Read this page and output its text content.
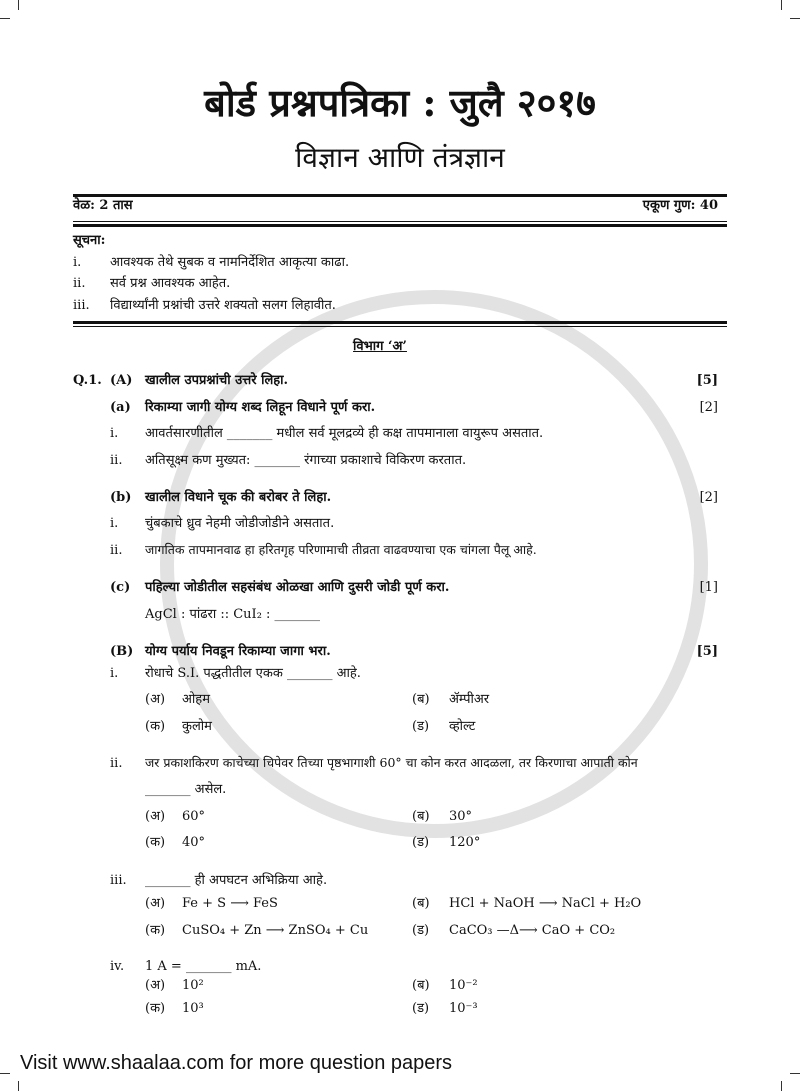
बोर्ड प्रश्नपत्रिका : जुलै २०१७
विज्ञान आणि तंत्रज्ञान
वेळ: 2 तास	एकूण गुण: 40
सूचना:
i. आवश्यक तेथे सुबक व नामनिर्देशित आकृत्या काढा.
ii. सर्व प्रश्न आवश्यक आहेत.
iii. विद्यार्थ्यांनी प्रश्नांची उत्तरे शक्यतो सलग लिहावीत.
विभाग ‘अ’
Q.1. (A) खालील उपप्रश्नांची उत्तरे लिहा.	[5]
(a) रिकाम्या जागी योग्य शब्द लिहून विधाने पूर्ण करा.	[2]
i. आवर्तसारणीतील _______ मधील सर्व मूलद्रव्ये ही कक्ष तापमानाला वायुरूप असतात.
ii. अतिसूक्ष्म कण मुख्यत: _______ रंगाच्या प्रकाशाचे विकिरण करतात.
(b) खालील विधाने चूक की बरोबर ते लिहा.	[2]
i. चुंबकाचे ध्रुव नेहमी जोडीजोडीने असतात.
ii. जागतिक तापमानवाढ हा हरितगृह परिणामाची तीव्रता वाढवण्याचा एक चांगला पैलू आहे.
(c) पहिल्या जोडीतील सहसंबंध ओळखा आणि दुसरी जोडी पूर्ण करा.	[1]
AgCl : पांढरा :: CuI₂ : _______
(B) योग्य पर्याय निवडून रिकाम्या जागा भरा.	[5]
i. रोधाचे S.I. पद्धतीतील एकक _______ आहे.
(अ) ओहम	(ब) ॲम्पीअर
(क) कुलोम	(ड) व्होल्ट
ii. जर प्रकाशकिरण काचेच्या चिपेवर तिच्या पृष्ठभागाशी 60° चा कोन करत आदळला, तर किरणाचा आपाती कोन
_______ असेल.
(अ) 60°	(ब) 30°
(क) 40°	(ड) 120°
iii. _______ ही अपघटन अभिक्रिया आहे.
(अ) Fe + S ⟶ FeS	(ब) HCl + NaOH ⟶ NaCl + H₂O
(क) CuSO₄ + Zn ⟶ ZnSO₄ + Cu	(ड) CaCO₃ —Δ⟶ CaO + CO₂
iv. 1 A = _______ mA.
(अ) 10²	(ब) 10⁻²
(क) 10³	(ड) 10⁻³
Visit www.shaalaa.com for more question papers
